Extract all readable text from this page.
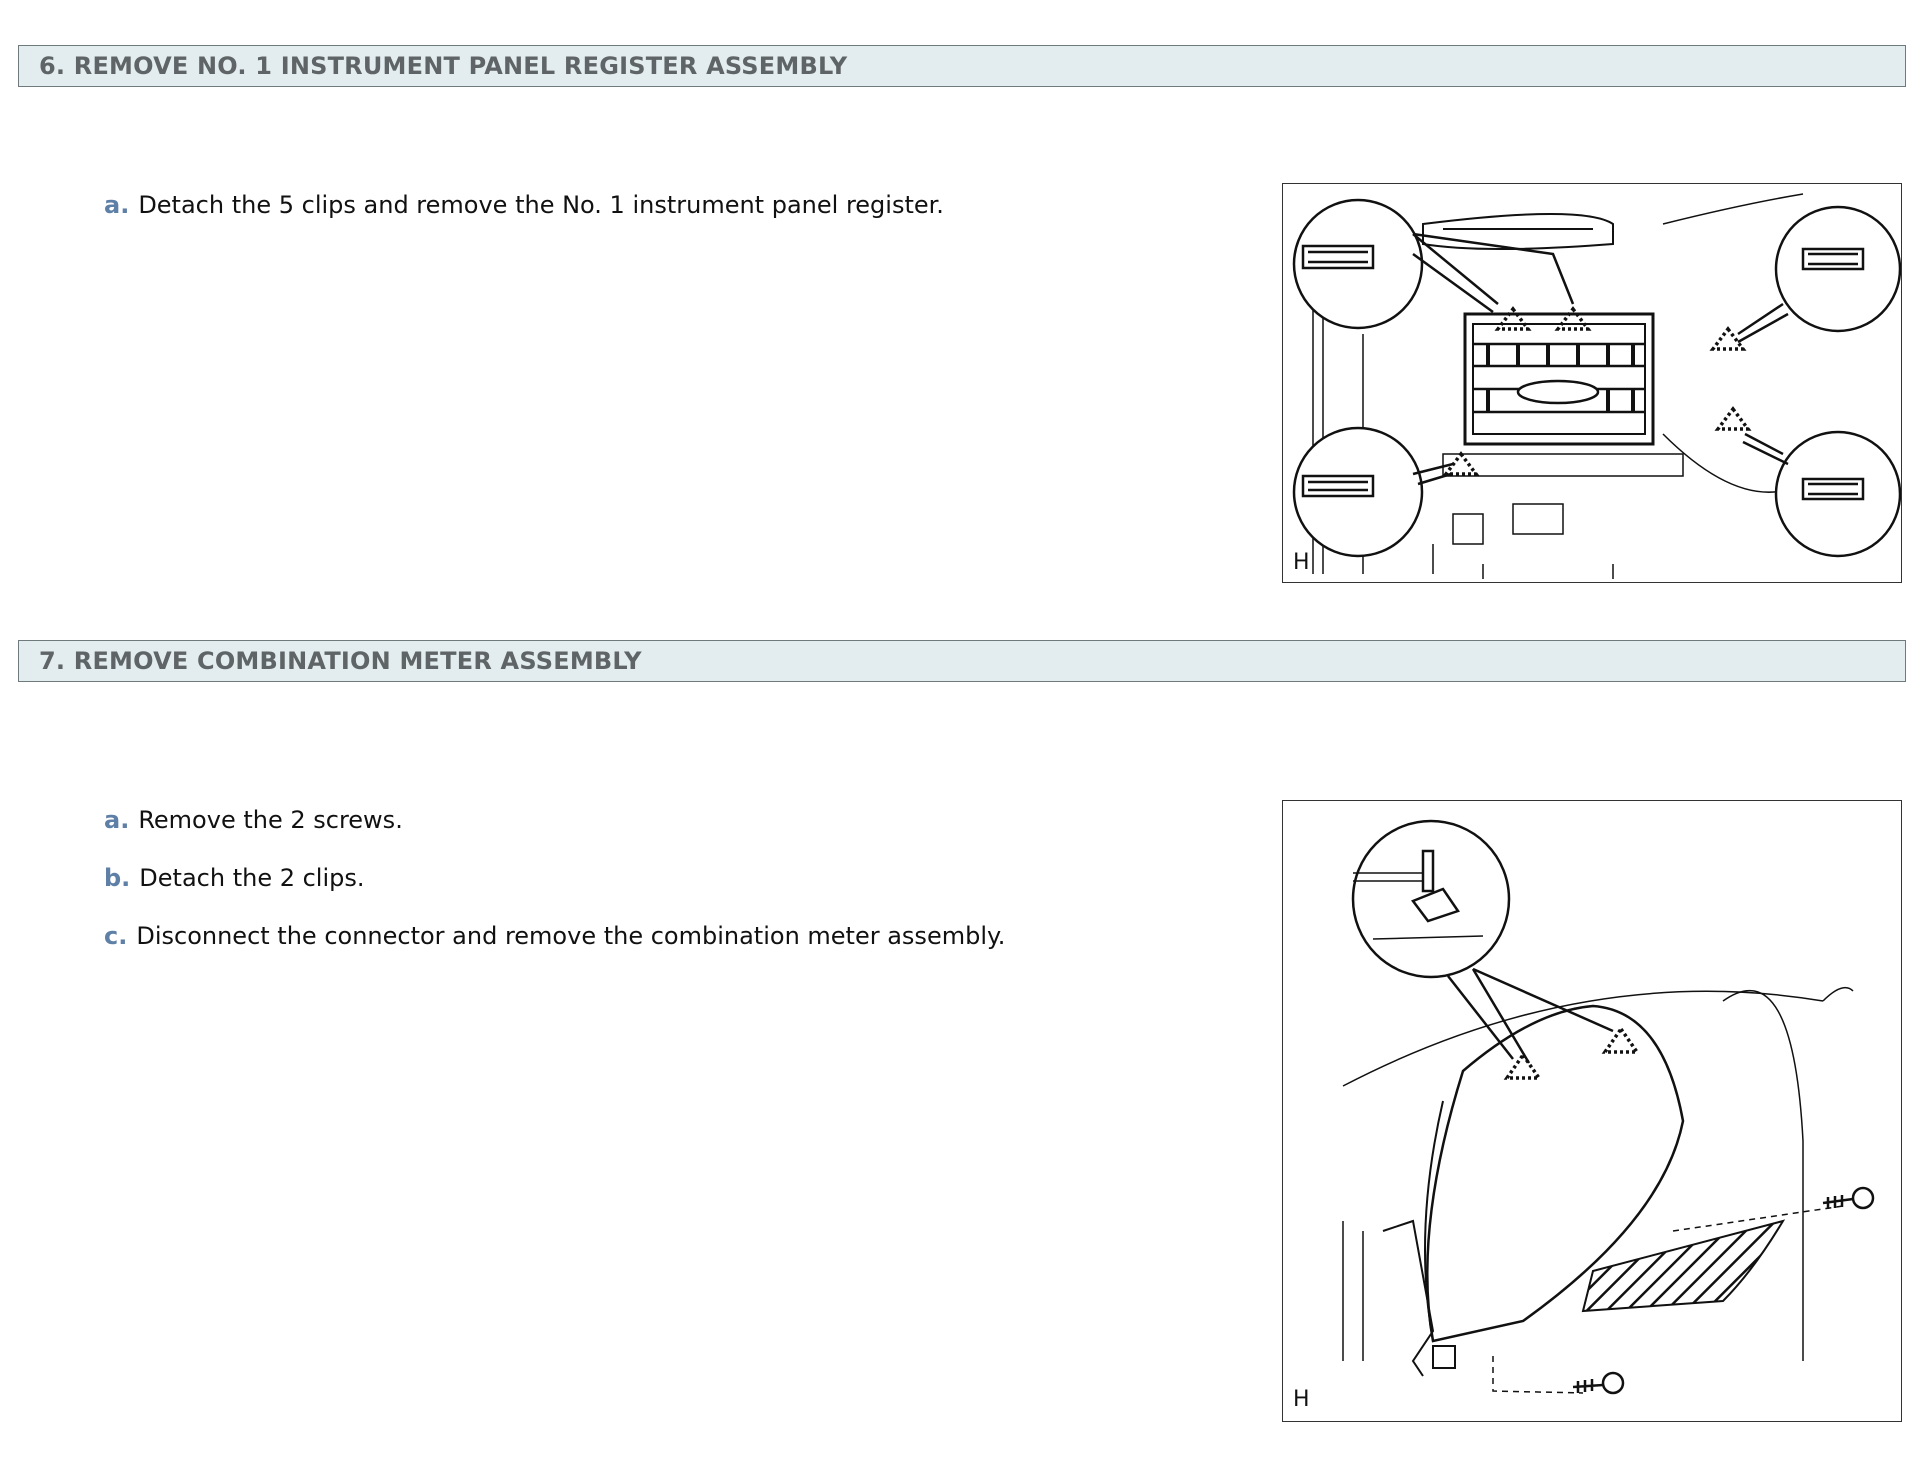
6. REMOVE NO. 1 INSTRUMENT PANEL REGISTER ASSEMBLY
a. Detach the 5 clips and remove the No. 1 instrument panel register.
H
7. REMOVE COMBINATION METER ASSEMBLY
a. Remove the 2 screws.
b. Detach the 2 clips.
c. Disconnect the connector and remove the combination meter assembly.
H
